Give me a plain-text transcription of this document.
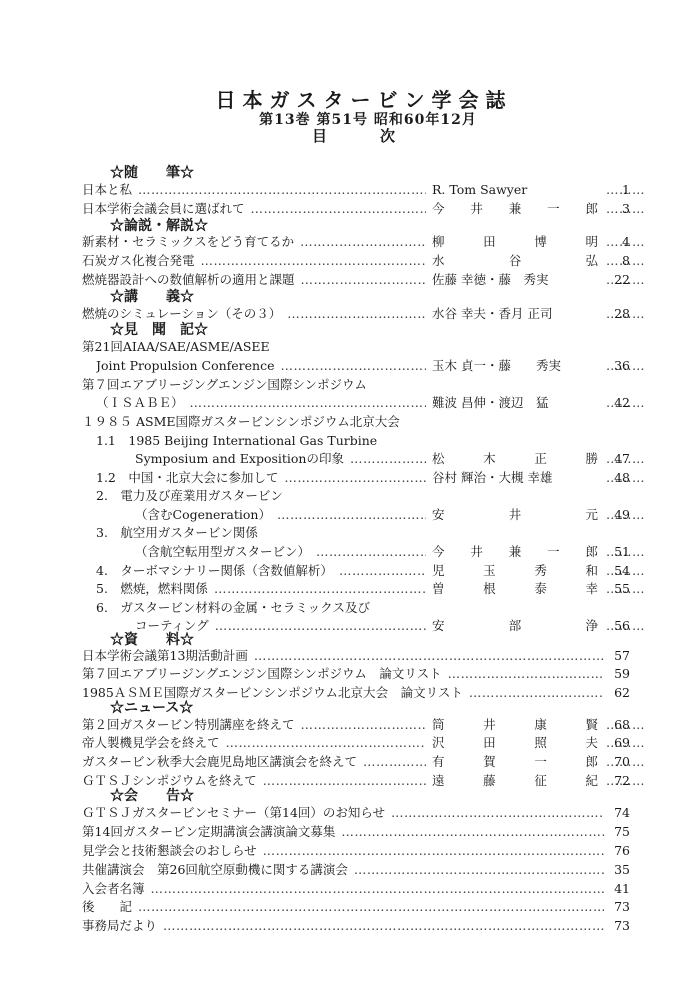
日本ガスタービン学会誌
第13巻 第51号 昭和60年12月
目	次
☆随　　筆☆
日本と私 …………………………………………………………………………………………………………………………	R. Tom Sawyer …………………………………………………………………………………………………………………………	1
日本学術会議会員に選ばれて …………………………………………………………………………………………………………………………	今 井 兼 一 郎 …………………………………………………………………………………………………………………………	3
☆論説・解説☆
新素材・セラミックスをどう育てるか …………………………………………………………………………………………………………………………	柳	田	博	明 …………………………………………………………………………………………………………………………	4
石炭ガス化複合発電 …………………………………………………………………………………………………………………………	水	谷	弘 …………………………………………………………………………………………………………………………	8
燃焼器設計への数値解析の適用と課題 …………………………………………………………………………………………………………………………	佐藤 幸徳・藤　秀実 …………………………………………………………………………………………………………………………	22
☆講　　義☆
燃焼のシミュレーション（その３） …………………………………………………………………………………………………………………………	水谷 幸夫・香月 正司 …………………………………………………………………………………………………………………………	28
☆見　聞　記☆
第21回AIAA/SAE/ASME/ASEE
Joint Propulsion Conference …………………………………………………………………………………………………………………………	玉木 貞一・藤　　秀実 …………………………………………………………………………………………………………………………	36
第７回エアブリージングエンジン国際シンポジウム
（ＩＳＡＢＥ） …………………………………………………………………………………………………………………………	難波 昌伸・渡辺　猛 …………………………………………………………………………………………………………………………	42
１９８５ ASME国際ガスタービンシンポジウム北京大会
1.1　1985 Beijing International Gas Turbine
Symposium and Expositionの印象 …………………………………………………………………………………………………………………………	松	木	正	勝 …………………………………………………………………………………………………………………………	47
1.2　中国・北京大会に参加して …………………………………………………………………………………………………………………………	谷村 輝治・大槻 幸雄 …………………………………………………………………………………………………………………………	48
2.　電力及び産業用ガスタービン
（含むCogeneration） …………………………………………………………………………………………………………………………	安	井	元 …………………………………………………………………………………………………………………………	49
3.　航空用ガスタービン関係
（含航空転用型ガスタービン） …………………………………………………………………………………………………………………………	今 井 兼 一 郎 …………………………………………………………………………………………………………………………	51
4.　ターボマシナリー関係（含数値解析） …………………………………………………………………………………………………………………………	児	玉	秀	和 …………………………………………………………………………………………………………………………	54
5.　燃焼，燃料関係 …………………………………………………………………………………………………………………………	曽	根	泰	幸 …………………………………………………………………………………………………………………………	55
6.　ガスタービン材料の金属・セラミックス及び
コーティング …………………………………………………………………………………………………………………………	安	部	浄 …………………………………………………………………………………………………………………………	56
☆資　　料☆
日本学術会議第13期活動計画 …………………………………………………………………………………………………………………………	57
第７回エアブリージングエンジン国際シンポジウム　論文リスト …………………………………………………………………………………………………………………………	59
1985ＡＳＭＥ国際ガスタービンシンポジウム北京大会　論文リスト …………………………………………………………………………………………………………………………	62
☆ニュース☆
第２回ガスタービン特別講座を終えて …………………………………………………………………………………………………………………………	筒	井	康	賢 …………………………………………………………………………………………………………………………	68
帝人製機見学会を終えて …………………………………………………………………………………………………………………………	沢	田	照	夫 …………………………………………………………………………………………………………………………	69
ガスタービン秋季大会鹿児島地区講演会を終えて …………………………………………………………………………………………………………………………	有	賀	一	郎 …………………………………………………………………………………………………………………………	70
ＧＴＳＪシンポジウムを終えて …………………………………………………………………………………………………………………………	遠	藤	征	紀 …………………………………………………………………………………………………………………………	72
☆会　　告☆
ＧＴＳＪガスタービンセミナー（第14回）のお知らせ …………………………………………………………………………………………………………………………	74
第14回ガスタービン定期講演会講演論文募集 …………………………………………………………………………………………………………………………	75
見学会と技術懇談会のおしらせ …………………………………………………………………………………………………………………………	76
共催講演会　第26回航空原動機に関する講演会 …………………………………………………………………………………………………………………………	35
入会者名簿 …………………………………………………………………………………………………………………………	41
後　　記 …………………………………………………………………………………………………………………………	73
事務局だより …………………………………………………………………………………………………………………………	73
